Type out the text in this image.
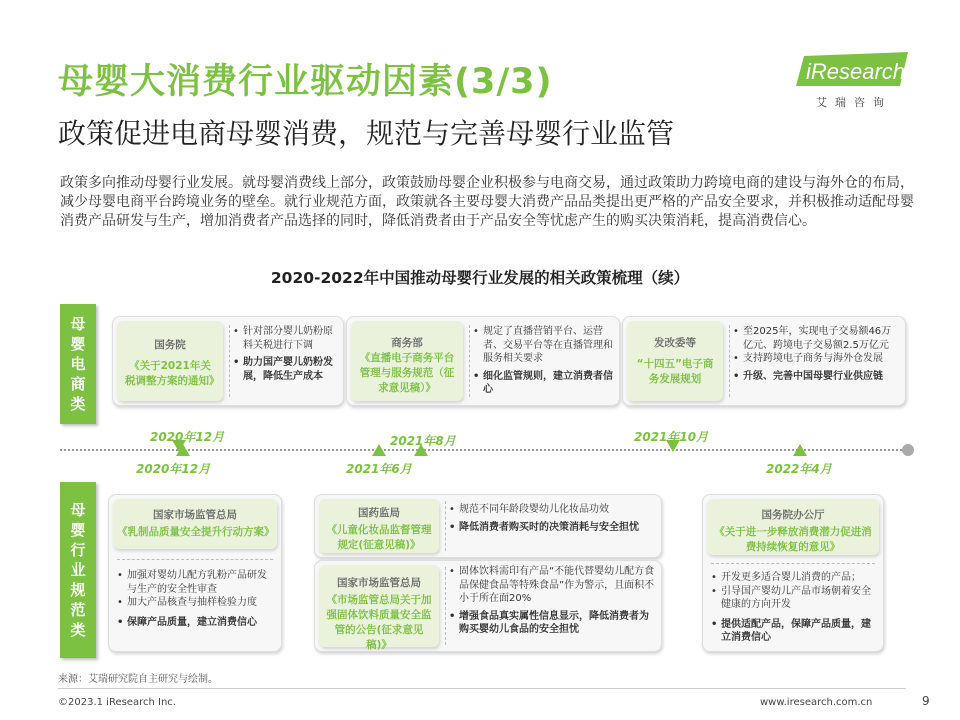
母婴大消费行业驱动因素(3/3)
政策促进电商母婴消费，规范与完善母婴行业监管
iResearch
艾瑞咨询

政策多向推动母婴行业发展。就母婴消费线上部分，政策鼓励母婴企业积极参与电商交易，通过政策助力跨境电商的建设与海外仓的布局，减少母婴电商平台跨境业务的壁垒。就行业规范方面，政策就各主要母婴大消费产品品类提出更严格的产品安全要求，并积极推动适配母婴消费产品研发与生产，增加消费者产品选择的同时，降低消费者由于产品安全等忧虑产生的购买决策消耗，提高消费信心。

2020-2022年中国推动母婴行业发展的相关政策梳理（续）
母
婴
电
商
类
国务院
《关于2021年关税调整方案的通知》
• 针对部分婴儿奶粉原料关税进行下调
• 助力国产婴儿奶粉发展，降低生产成本
商务部
《直播电子商务平台管理与服务规范（征求意见稿）》
• 规定了直播营销平台、运营者、交易平台等在直播管理和服务相关要求
• 细化监管规则，建立消费者信心
发改委等
“十四五”电子商务发展规划
• 至2025年，实现电子交易额46万亿元、跨境电子交易额2.5万亿元
• 支持跨境电子商务与海外仓发展
• 升级、完善中国母婴行业供应链
2020年12月	2021年8月	2021年10月
2020年12月	2021年6月	2022年4月
母
婴
行
业
规
范
类
国家市场监管总局
《乳制品质量安全提升行动方案》
• 加强对婴幼儿配方乳粉产品研发与生产的安全性审查
• 加大产品核查与抽样检验力度
• 保障产品质量，建立消费信心
国药监局
《儿童化妆品监督管理规定(征意见稿)》
• 规范不同年龄段婴幼儿化妆品功效
• 降低消费者购买时的决策消耗与安全担忧
国家市场监管总局
《市场监管总局关于加强固体饮料质量安全监管的公告(征求意见稿)》
• 固体饮料需印有产品“不能代替婴幼儿配方食品保健食品等特殊食品”作为警示，且面积不小于所在面20%
• 增强食品真实属性信息显示，降低消费者为购买婴幼儿食品的安全担忧
国务院办公厅
《关于进一步释放消费潜力促进消费持续恢复的意见》
• 开发更多适合婴儿消费的产品；
• 引导国产婴幼儿产品市场朝着安全健康的方向开发
• 提供适配产品，保障产品质量，建立消费信心
来源：艾瑞研究院自主研究与绘制。
©2023.1 iResearch Inc.	www.iresearch.com.cn	9
